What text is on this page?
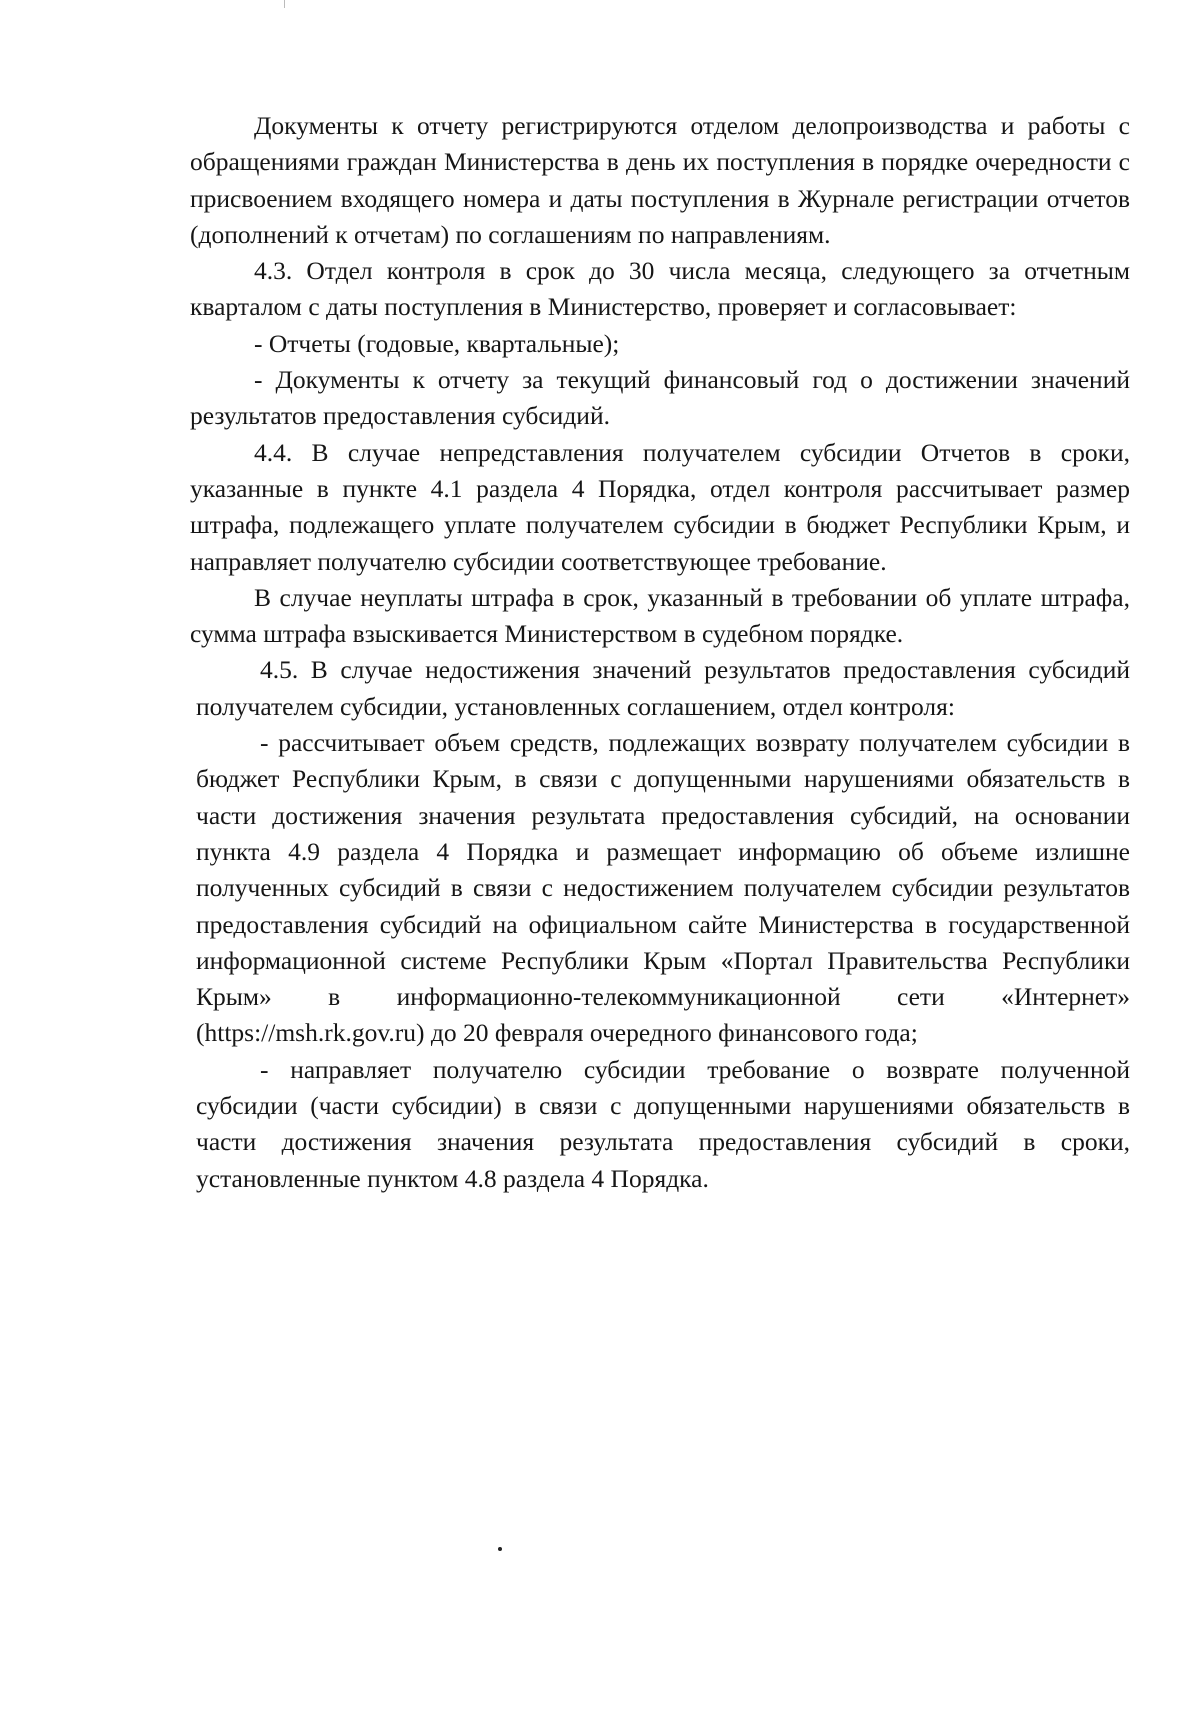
Документы к отчету регистрируются отделом делопроизводства и работы с обращениями граждан Министерства в день их поступления в порядке очередности с присвоением входящего номера и даты поступления в Журнале регистрации отчетов (дополнений к отчетам) по соглашениям по направлениям.

4.3. Отдел контроля в срок до 30 числа месяца, следующего за отчетным кварталом с даты поступления в Министерство, проверяет и согласовывает:

- Отчеты (годовые, квартальные);

- Документы к отчету за текущий финансовый год о достижении значений результатов предоставления субсидий.

4.4. В случае непредставления получателем субсидии Отчетов в сроки, указанные в пункте 4.1 раздела 4 Порядка, отдел контроля рассчитывает размер штрафа, подлежащего уплате получателем субсидии в бюджет Республики Крым, и направляет получателю субсидии соответствующее требование.

В случае неуплаты штрафа в срок, указанный в требовании об уплате штрафа, сумма штрафа взыскивается Министерством в судебном порядке.

4.5. В случае недостижения значений результатов предоставления субсидий получателем субсидии, установленных соглашением, отдел контроля:

- рассчитывает объем средств, подлежащих возврату получателем субсидии в бюджет Республики Крым, в связи с допущенными нарушениями обязательств в части достижения значения результата предоставления субсидий, на основании пункта 4.9 раздела 4 Порядка и размещает информацию об объеме излишне полученных субсидий в связи с недостижением получателем субсидии результатов предоставления субсидий на официальном сайте Министерства в государственной информационной системе Республики Крым «Портал Правительства Республики Крым» в информационно-телекоммуникационной сети «Интернет» (https://msh.rk.gov.ru) до 20 февраля очередного финансового года;

- направляет получателю субсидии требование о возврате полученной субсидии (части субсидии) в связи с допущенными нарушениями обязательств в части достижения значения результата предоставления субсидий в сроки, установленные пунктом 4.8 раздела 4 Порядка.
